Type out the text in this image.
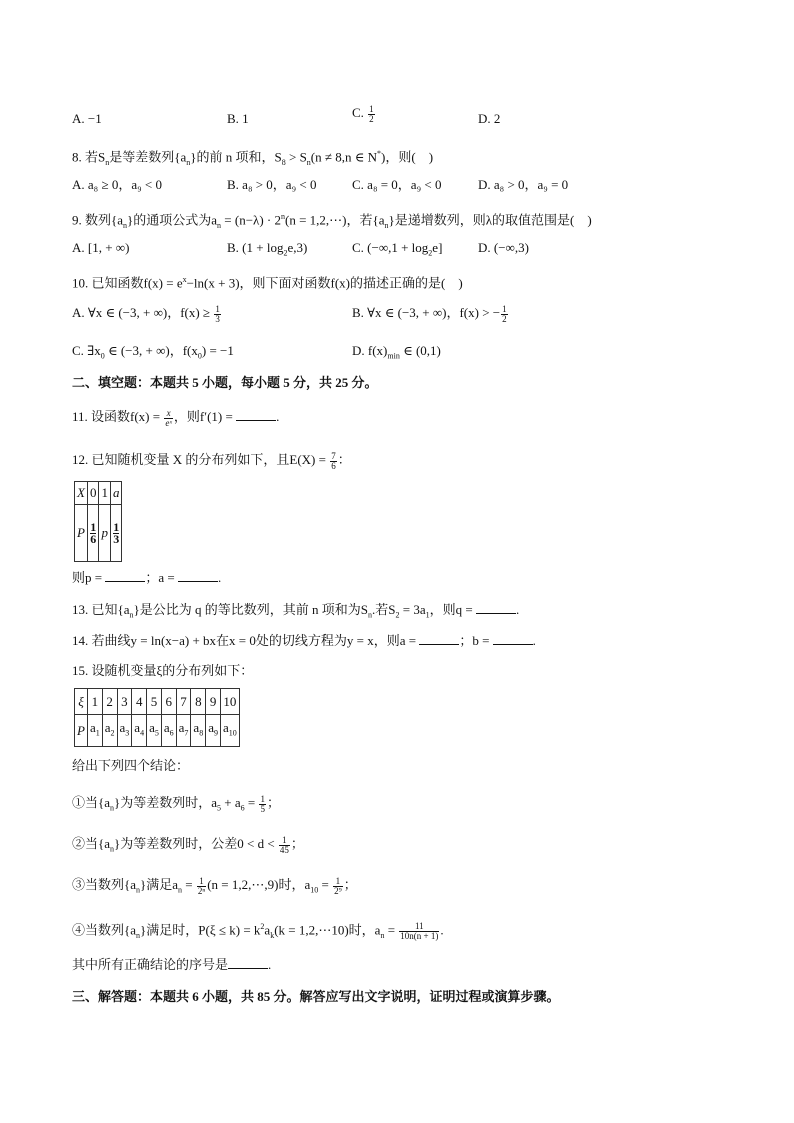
A. −1	B. 1	C. $\frac{1}{2}$	D. 2
8. 若$S_n$是等差数列$\{a_n\}$的前 n 项和，$S_8 > S_n(n \ne 8,n$ ∈ N*)，则(　)
A. a₈ ≥ 0，a₉ < 0	B. a₈ > 0，a₉ < 0	C. a₈ = 0，a₉ < 0	D. a₈ > 0，a₉ = 0
9. 数列$\{a_n\}$的通项公式为$a_n = (n-\lambda) \cdot 2^n(n$ = 1,2,⋯)，若$\{a_n\}$是递增数列，则λ的取值范围是(　)
A. [1, + ∞)	B. $(1 + \log_2e,3)$	C. $(-\infty,1 + \log_2e]$	D. (−∞,3)
10. 已知函数$f(x) = e^x-\ln(x + 3)$，则下面对函数f(x)的描述正确的是(　)
A. ∀x ∈ (−3, + ∞)，$f(x) \ge \frac{1}{3}$	B. ∀x ∈ (−3, + ∞)，f(x) > − $\frac{1}{2}$
C. $\exists x_0$ ∈ (−3, + ∞)，$f(x_0) = -1$	D. $f(x)_{min}$ ∈ (0,1)
二、填空题：本题共 5 小题，每小题 5 分，共 25 分。
11. 设函数$f(x) = \frac{x}{\text{eˣ}}$ ，则f′(1) =	.
12. 已知随机变量 X 的分布列如下，且$E(X) = \frac{7}{6}$ ：
X	0	1	a
P	$\frac{1}{6}$	p	$\frac{1}{3}$
则p =	；a =	.
13. 已知$\{a_n\}$是公比为 q 的等比数列，其前 n 项和为$S_n$.若$S_2 = 3a_1$，则q =	.
14. 若曲线y = ln(x−a) + bx在x = 0处的切线方程为y = x，则a =	；b =	.
15. 设随机变量ξ的分布列如下：
ξ	1	2	3	4	5	6	7	8	9	10
P	$a_1$	$a_2$	$a_3$	$a_4$	$a_5$	$a_6$	$a_7$	$a_8$	$a_9$	$a_{10}$
给出下列四个结论：
①当$\{a_n\}$为等差数列时，$a_5 + a_6 = \frac{1}{5}$ ；
②当$\{a_n\}$为等差数列时，公差$0 < d < \frac{1}{45}$ ；
③当数列$\{a_n\}$满足$a_n = \frac{1}{\text{2ⁿ}} (n$ = 1,2,⋯,9)时，$a_{10} = \frac{1}{\text{2⁹}}$ ；
④当数列$\{a_n\}$满足时，$P(\xi \le k) = k^2a_k(k$ = 1,2,⋯10)时，$a_n = \frac{11}{10n(n + 1)}$ .
其中所有正确结论的序号是	.
三、解答题：本题共 6 小题，共 85 分。解答应写出文字说明，证明过程或演算步骤。
